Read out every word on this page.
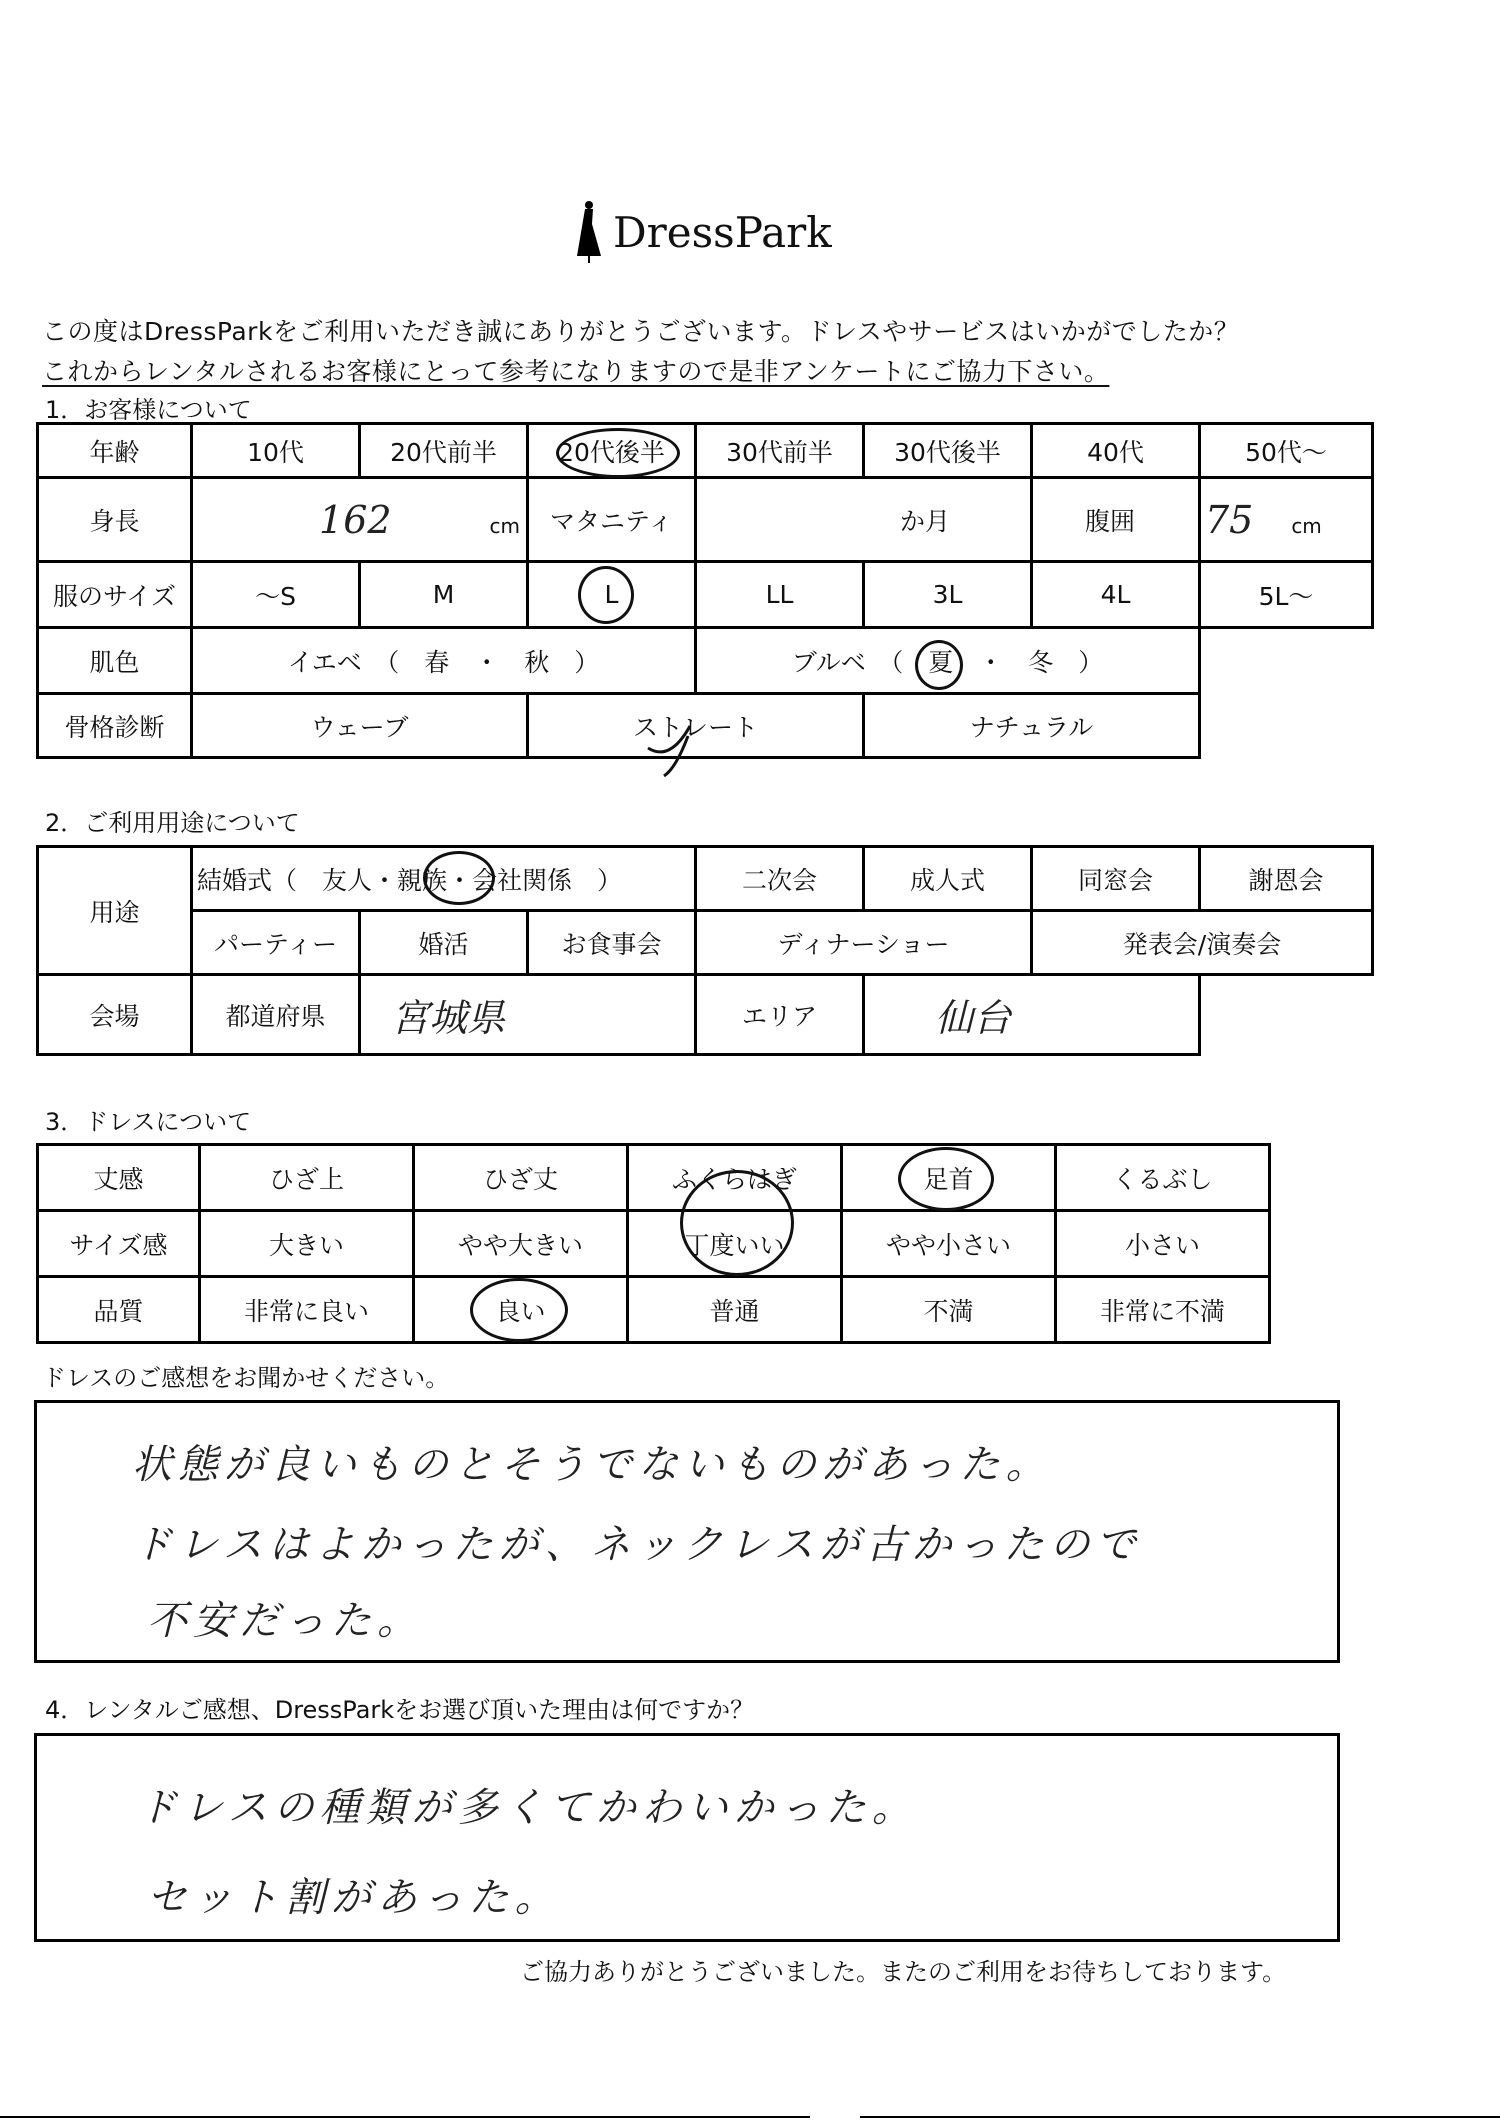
DressPark
この度はDressParkをご利用いただき誠にありがとうございます。ドレスやサービスはいかがでしたか？
これからレンタルされるお客様にとって参考になりますので是非アンケートにご協力下さい。
1．お客様について
年齢	10代	20代前半	20代後半	30代前半	30代後半	40代	50代～
身長	162 cm		マタニティ	か月		腹囲	75 cm
服のサイズ	～S	M	L	LL	3L	4L	5L～
肌色	イエベ　（　春　・　秋　）			ブルベ　（　夏　・　冬　）			
骨格診断	ウェーブ		ストレート		ナチュラル		
2．ご利用用途について
用途	結婚式（　友人・親族・会社関係　）			二次会	成人式	同窓会	謝恩会
	パーティー	婚活	お食事会	ディナーショー		発表会/演奏会	
会場	都道府県	宮城県		エリア	仙台		
3．ドレスについて
丈感	ひざ上	ひざ丈	ふくらはぎ	足首	くるぶし
サイズ感	大きい	やや大きい	丁度いい	やや小さい	小さい
品質	非常に良い	良い	普通	不満	非常に不満
ドレスのご感想をお聞かせください。
状態が良いものとそうでないものがあった。
ドレスはよかったが、ネックレスが古かったので
不安だった。
4．レンタルご感想、DressParkをお選び頂いた理由は何ですか？
ドレスの種類が多くてかわいかった。
セット割があった。
ご協力ありがとうございました。またのご利用をお待ちしております。
